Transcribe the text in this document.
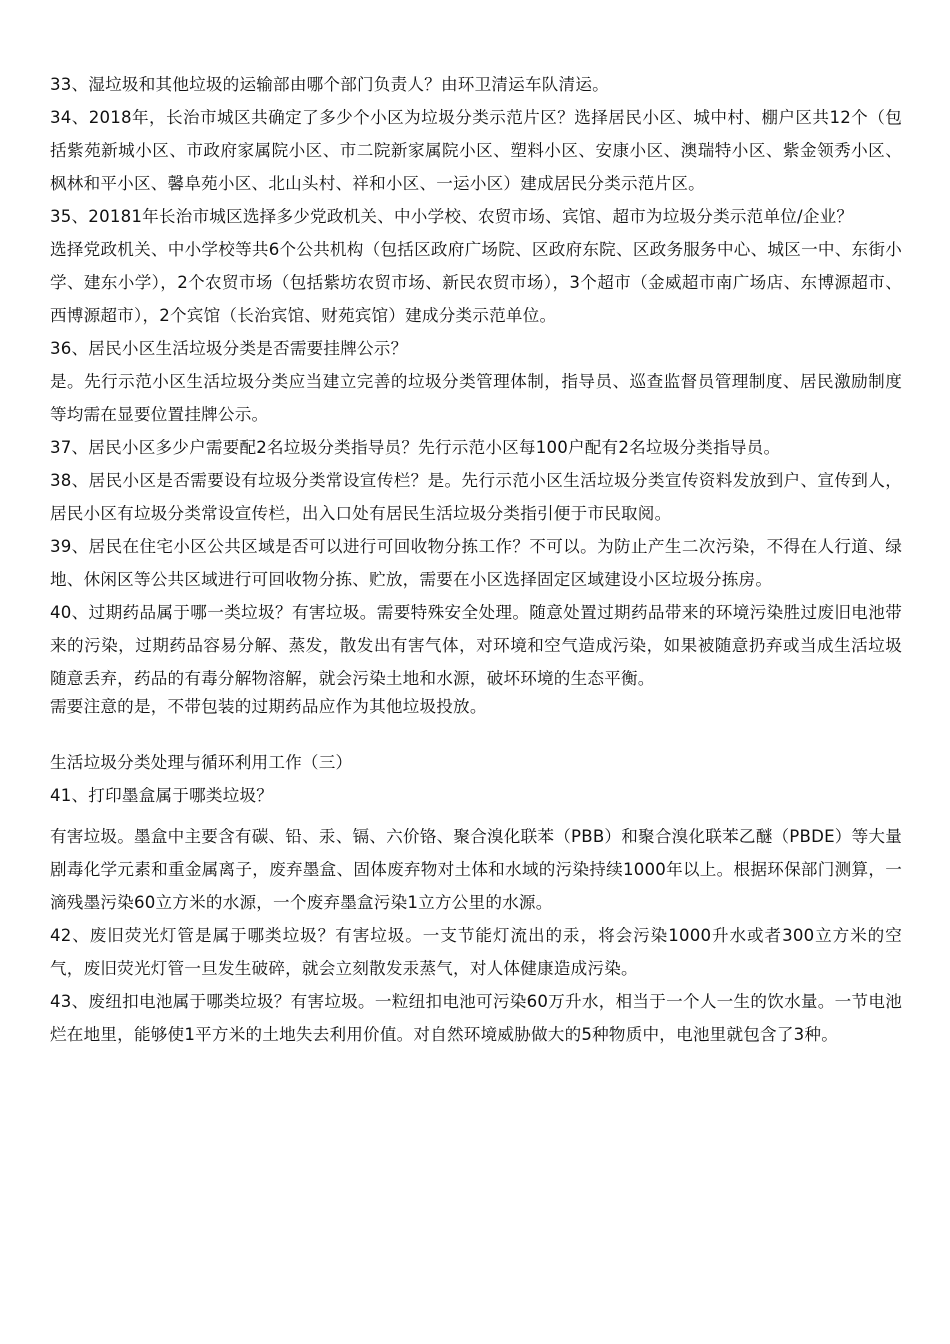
33、湿垃圾和其他垃圾的运输部由哪个部门负责人？由环卫清运车队清运。

34、2018年，长治市城区共确定了多少个小区为垃圾分类示范片区？选择居民小区、城中村、棚户区共12个（包括紫苑新城小区、市政府家属院小区、市二院新家属院小区、塑料小区、安康小区、澳瑞特小区、紫金领秀小区、枫林和平小区、馨阜苑小区、北山头村、祥和小区、一运小区）建成居民分类示范片区。

35、20181年长治市城区选择多少党政机关、中小学校、农贸市场、宾馆、超市为垃圾分类示范单位/企业？

选择党政机关、中小学校等共6个公共机构（包括区政府广场院、区政府东院、区政务服务中心、城区一中、东街小学、建东小学），2个农贸市场（包括紫坊农贸市场、新民农贸市场），3个超市（金威超市南广场店、东博源超市、西博源超市），2个宾馆（长治宾馆、财苑宾馆）建成分类示范单位。

36、居民小区生活垃圾分类是否需要挂牌公示？

是。先行示范小区生活垃圾分类应当建立完善的垃圾分类管理体制，指导员、巡查监督员管理制度、居民激励制度等均需在显要位置挂牌公示。

37、居民小区多少户需要配2名垃圾分类指导员？先行示范小区每100户配有2名垃圾分类指导员。

38、居民小区是否需要设有垃圾分类常设宣传栏？是。先行示范小区生活垃圾分类宣传资料发放到户、宣传到人，居民小区有垃圾分类常设宣传栏，出入口处有居民生活垃圾分类指引便于市民取阅。

39、居民在住宅小区公共区域是否可以进行可回收物分拣工作？不可以。为防止产生二次污染，不得在人行道、绿地、休闲区等公共区域进行可回收物分拣、贮放，需要在小区选择固定区域建设小区垃圾分拣房。

40、过期药品属于哪一类垃圾？有害垃圾。需要特殊安全处理。随意处置过期药品带来的环境污染胜过废旧电池带来的污染，过期药品容易分解、蒸发，散发出有害气体，对环境和空气造成污染，如果被随意扔弃或当成生活垃圾随意丢弃，药品的有毒分解物溶解，就会污染土地和水源，破坏环境的生态平衡。

需要注意的是，不带包装的过期药品应作为其他垃圾投放。

生活垃圾分类处理与循环利用工作（三）

41、打印墨盒属于哪类垃圾？

有害垃圾。墨盒中主要含有碳、铅、汞、镉、六价铬、聚合溴化联苯（PBB）和聚合溴化联苯乙醚（PBDE）等大量剧毒化学元素和重金属离子，废弃墨盒、固体废弃物对土体和水域的污染持续1000年以上。根据环保部门测算，一滴残墨污染60立方米的水源，一个废弃墨盒污染1立方公里的水源。

42、废旧荧光灯管是属于哪类垃圾？有害垃圾。一支节能灯流出的汞，将会污染1000升水或者300立方米的空气，废旧荧光灯管一旦发生破碎，就会立刻散发汞蒸气，对人体健康造成污染。

43、废纽扣电池属于哪类垃圾？有害垃圾。一粒纽扣电池可污染60万升水，相当于一个人一生的饮水量。一节电池烂在地里，能够使1平方米的土地失去利用价值。对自然环境威胁做大的5种物质中，电池里就包含了3种。
